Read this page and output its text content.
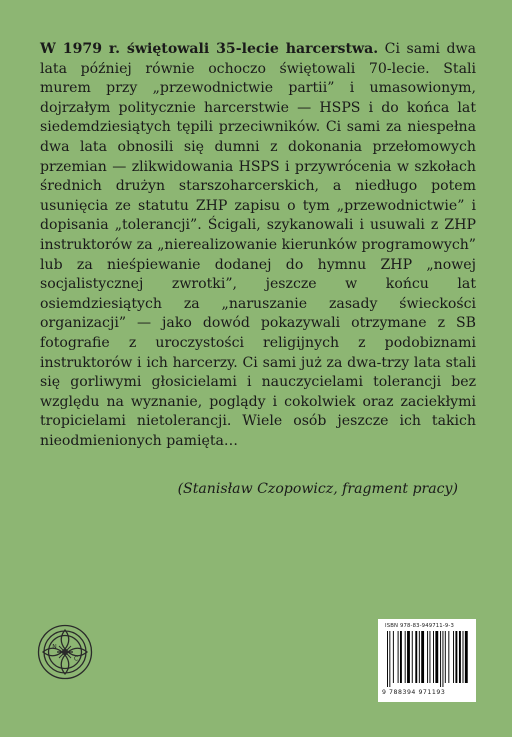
W 1979 r. świętowali 35-lecie harcerstwa. Ci sami dwa lata później równie ochoczo świętowali 70-lecie. Stali murem przy „przewodnictwie partii” i umasowionym, dojrzałym politycznie harcerstwie — HSPS i do końca lat siedemdziesiątych tępili przeciwników. Ci sami za niespełna dwa lata obnosili się dumni z dokonania przełomowych przemian — zlikwidowania HSPS i przywrócenia w szkołach średnich drużyn starszoharcerskich, a niedługo potem usunięcia ze statutu ZHP zapisu o tym „przewodnictwie” i dopisania „tolerancji”. Ścigali, szykanowali i usuwali z ZHP instruktorów za „nierealizowanie kierunków programowych” lub za nieśpiewanie dodanej do hymnu ZHP „nowej socjalistycznej zwrotki”, jeszcze w końcu lat osiemdziesiątych za „naruszanie zasady świeckości organizacji” — jako dowód pokazywali otrzymane z SB fotografie z uroczystości religijnych z podobiznami instruktorów i ich harcerzy. Ci sami już za dwa-trzy lata stali się gorliwymi głosicielami i nauczycielami tolerancji bez względu na wyznanie, poglądy i cokolwiek oraz zaciekłymi tropicielami nietolerancji. Wiele osób jeszcze ich takich nieodmienionych pamięta…

(Stanisław Czopowicz, fragment pracy)

N
C
ISBN 978-83-949711-9-3
9 788394 971193
